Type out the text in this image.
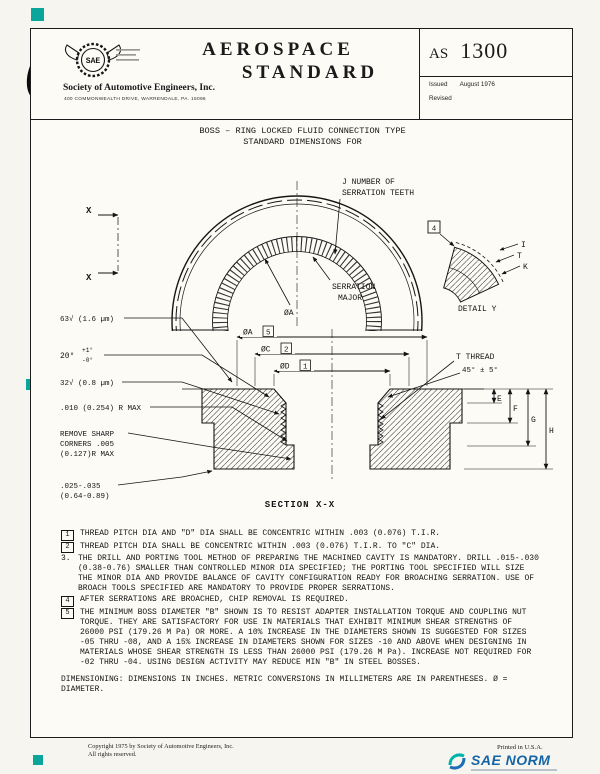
SAE
AEROSPACE
STANDARD
AS 1300
Issued August 1976
Revised
Society of Automotive Engineers, Inc.
400 COMMONWEALTH DRIVE, WARRENDALE, PA. 15096
BOSS – RING LOCKED FLUID CONNECTION TYPE
STANDARD DIMENSIONS FOR
J NUMBER OF
SERRATION TEETH
X
X
SERRATION
MAJOR
ØA
4
I
T
K
DETAIL Y
ØA 5
ØC 2
ØD 1
T THREAD
45° ± 5°
E
F
G
H
63√ (1.6 µm)
20°
+1°
-0°
32√ (0.8 µm)
.010 (0.254) R MAX
REMOVE SHARP
CORNERS .005
(0.127)R MAX
.025-.035
(0.64-0.89)
SECTION X-X
1	THREAD PITCH DIA AND "D" DIA SHALL BE CONCENTRIC WITHIN .003 (0.076) T.I.R.
2	THREAD PITCH DIA SHALL BE CONCENTRIC WITHIN .003 (0.076) T.I.R. TO "C" DIA.
3. THE DRILL AND PORTING TOOL METHOD OF PREPARING THE MACHINED CAVITY IS MANDATORY. DRILL .015-.030 (0.38-0.76) SMALLER THAN CONTROLLED MINOR DIA SPECIFIED; THE PORTING TOOL SPECIFIED WILL SIZE THE MINOR DIA AND PROVIDE BALANCE OF CAVITY CONFIGURATION READY FOR BROACHING SERRATION. USE OF BROACH TOOLS SPECIFIED ARE MANDATORY TO PROVIDE PROPER SERRATIONS.
4	AFTER SERRATIONS ARE BROACHED, CHIP REMOVAL IS REQUIRED.
5	THE MINIMUM BOSS DIAMETER "B" SHOWN IS TO RESIST ADAPTER INSTALLATION TORQUE AND COUPLING NUT TORQUE. THEY ARE SATISFACTORY FOR USE IN MATERIALS THAT EXHIBIT MINIMUM SHEAR STRENGTHS OF 26000 PSI (179.26 M Pa) OR MORE. A 10% INCREASE IN THE DIAMETERS SHOWN IS SUGGESTED FOR SIZES -05 THRU -08, AND A 15% INCREASE IN DIAMETERS SHOWN FOR SIZES -10 AND ABOVE WHEN DESIGNING IN MATERIALS WHOSE SHEAR STRENGTH IS LESS THAN 26000 PSI (179.26 M Pa). INCREASE NOT REQUIRED FOR -02 THRU -04. USING DESIGN ACTIVITY MAY REDUCE MIN "B" IN STEEL BOSSES.
DIMENSIONING: DIMENSIONS IN INCHES. METRIC CONVERSIONS IN MILLIMETERS ARE IN PARENTHESES. Ø = DIAMETER.
Copyright 1975 by Society of Automotive Engineers, Inc.
All rights reserved.
Printed in U.S.A.
SAE NORM
